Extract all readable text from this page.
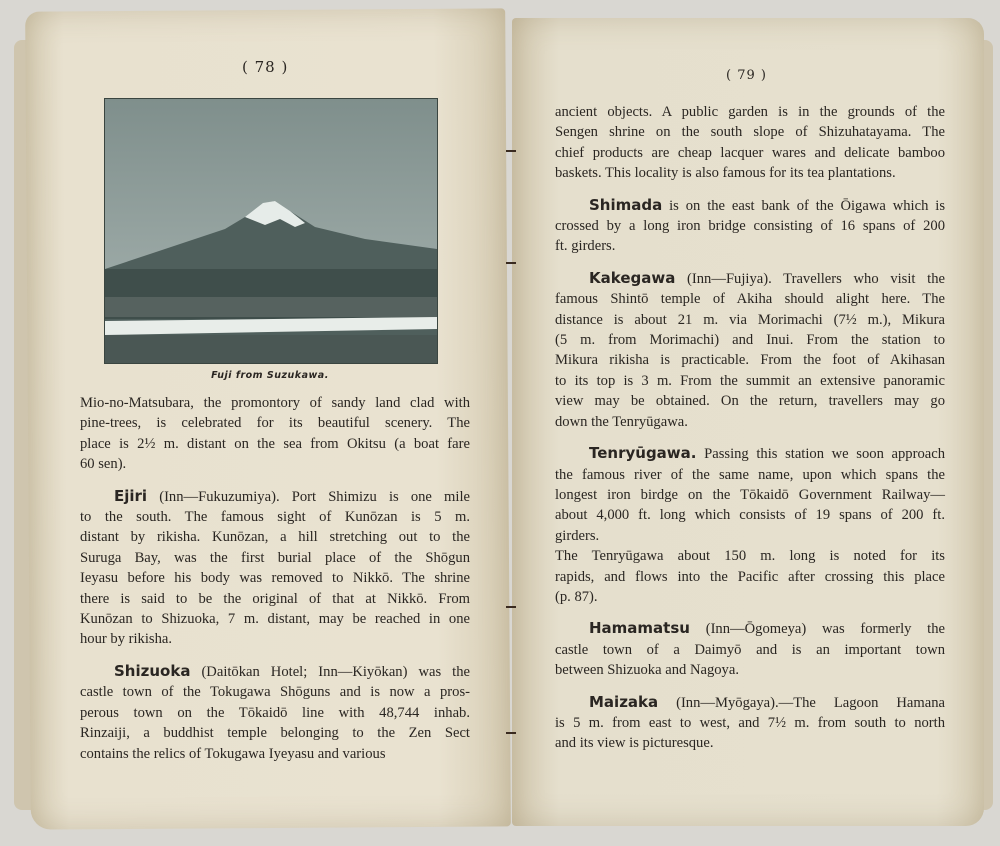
( 78 )	( 79 )
Fuji from Suzukawa.
Mio-no-Matsubara, the promontory of sandy land clad with
pine-trees, is celebrated for its beautiful scenery. The
place is 2½ m. distant on the sea from Okitsu (a boat fare
60 sen).
Ejiri (Inn—Fukuzumiya). Port Shimizu is one mile
to the south. The famous sight of Kunōzan is 5 m.
distant by rikisha. Kunōzan, a hill stretching out to the
Suruga Bay, was the first burial place of the Shōgun
Ieyasu before his body was removed to Nikkō. The shrine
there is said to be the original of that at Nikkō. From
Kunōzan to Shizuoka, 7 m. distant, may be reached in one
hour by rikisha.
Shizuoka (Daitōkan Hotel; Inn—Kiyōkan) was the
castle town of the Tokugawa Shōguns and is now a pros-
perous town on the Tōkaidō line with 48,744 inhab.
Rinzaiji, a buddhist temple belonging to the Zen Sect
contains the relics of Tokugawa Iyeyasu and various
ancient objects. A public garden is in the grounds of the
Sengen shrine on the south slope of Shizuhatayama. The
chief products are cheap lacquer wares and delicate bamboo
baskets. This locality is also famous for its tea plantations.
Shimada is on the east bank of the Ōigawa which is
crossed by a long iron bridge consisting of 16 spans of 200
ft. girders.
Kakegawa (Inn—Fujiya). Travellers who visit the
famous Shintō temple of Akiha should alight here. The
distance is about 21 m. via Morimachi (7½ m.), Mikura
(5 m. from Morimachi) and Inui. From the station to
Mikura rikisha is practicable. From the foot of Akihasan
to its top is 3 m. From the summit an extensive panoramic
view may be obtained. On the return, travellers may go
down the Tenryūgawa.
Tenryūgawa. Passing this station we soon approach
the famous river of the same name, upon which spans the
longest iron birdge on the Tōkaidō Government Railway—
about 4,000 ft. long which consists of 19 spans of 200 ft.
girders.
The Tenryūgawa about 150 m. long is noted for its
rapids, and flows into the Pacific after crossing this place
(p. 87).
Hamamatsu (Inn—Ōgomeya) was formerly the
castle town of a Daimyō and is an important town
between Shizuoka and Nagoya.
Maizaka (Inn—Myōgaya).—The Lagoon Hamana
is 5 m. from east to west, and 7½ m. from south to north
and its view is picturesque.
